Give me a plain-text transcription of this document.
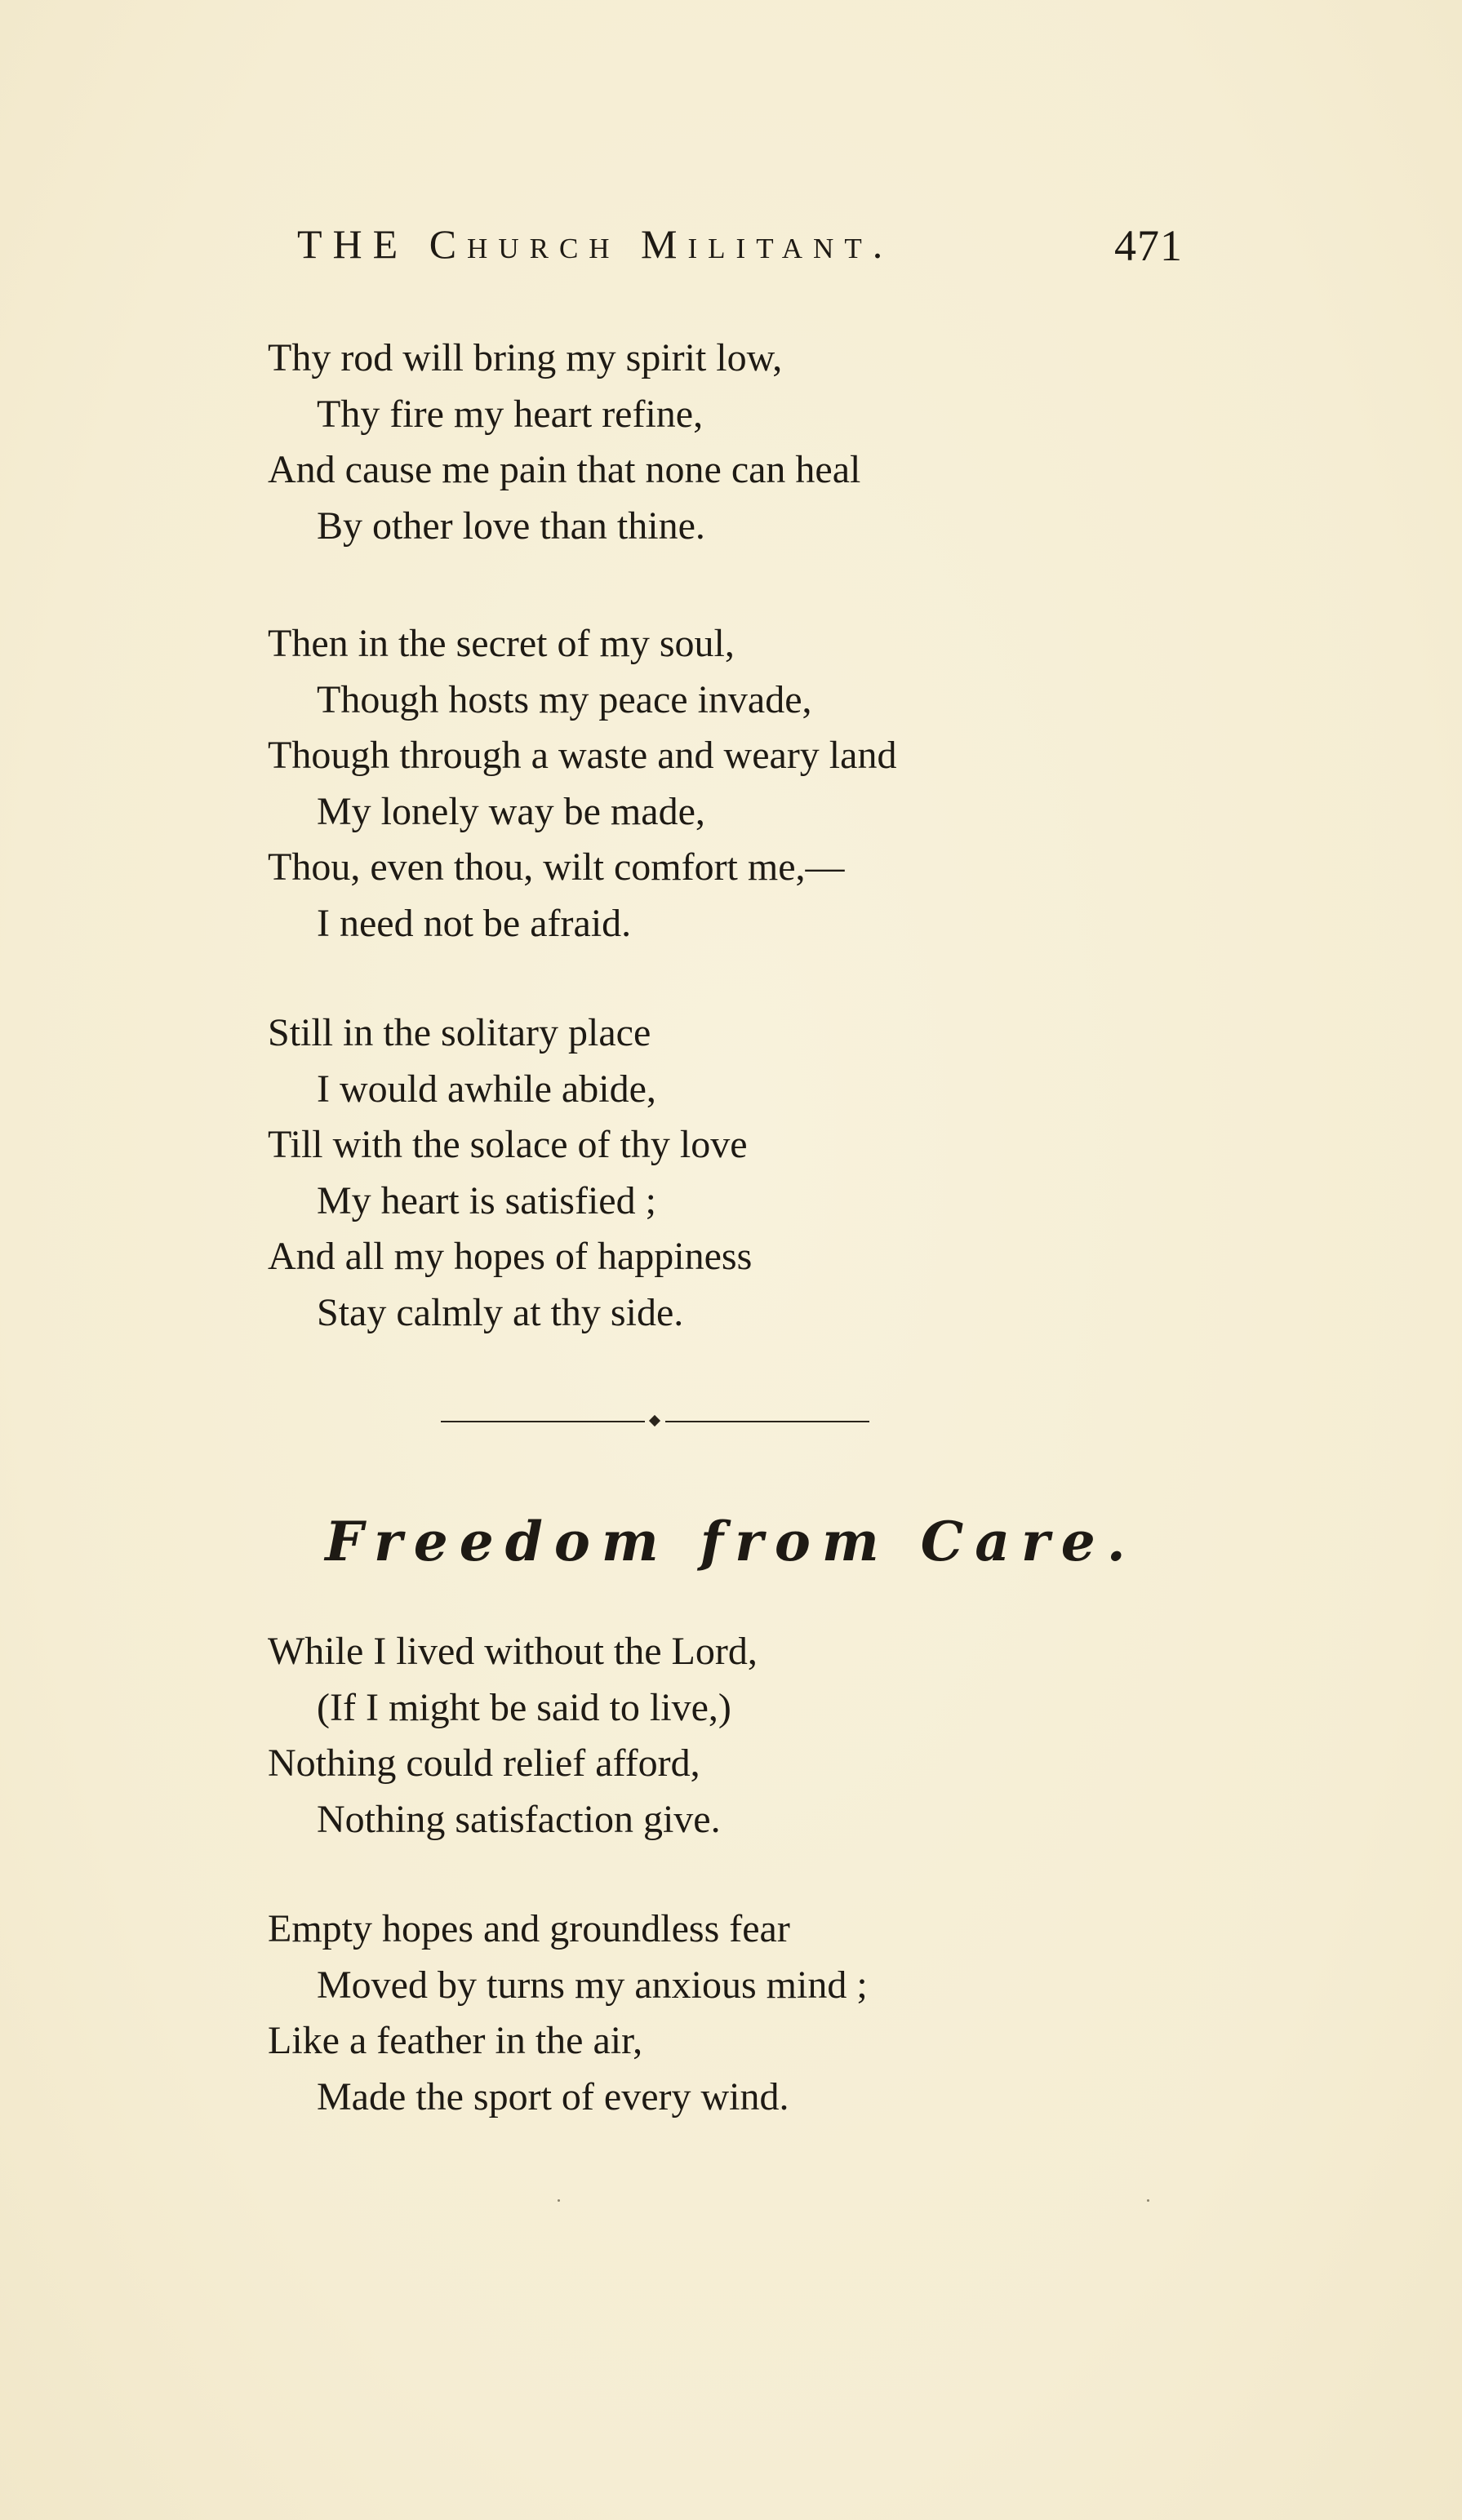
THE Church Militant.	471
Thy rod will bring my spirit low,
Thy fire my heart refine,
And cause me pain that none can heal
By other love than thine.
Then in the secret of my soul,
Though hosts my peace invade,
Though through a waste and weary land
My lonely way be made,
Thou, even thou, wilt comfort me,—
I need not be afraid.
Still in the solitary place
I would awhile abide,
Till with the solace of thy love
My heart is satisfied ;
And all my hopes of happiness
Stay calmly at thy side.
Freedom from Care.
While I lived without the Lord,
(If I might be said to live,)
Nothing could relief afford,
Nothing satisfaction give.
Empty hopes and groundless fear
Moved by turns my anxious mind ;
Like a feather in the air,
Made the sport of every wind.
